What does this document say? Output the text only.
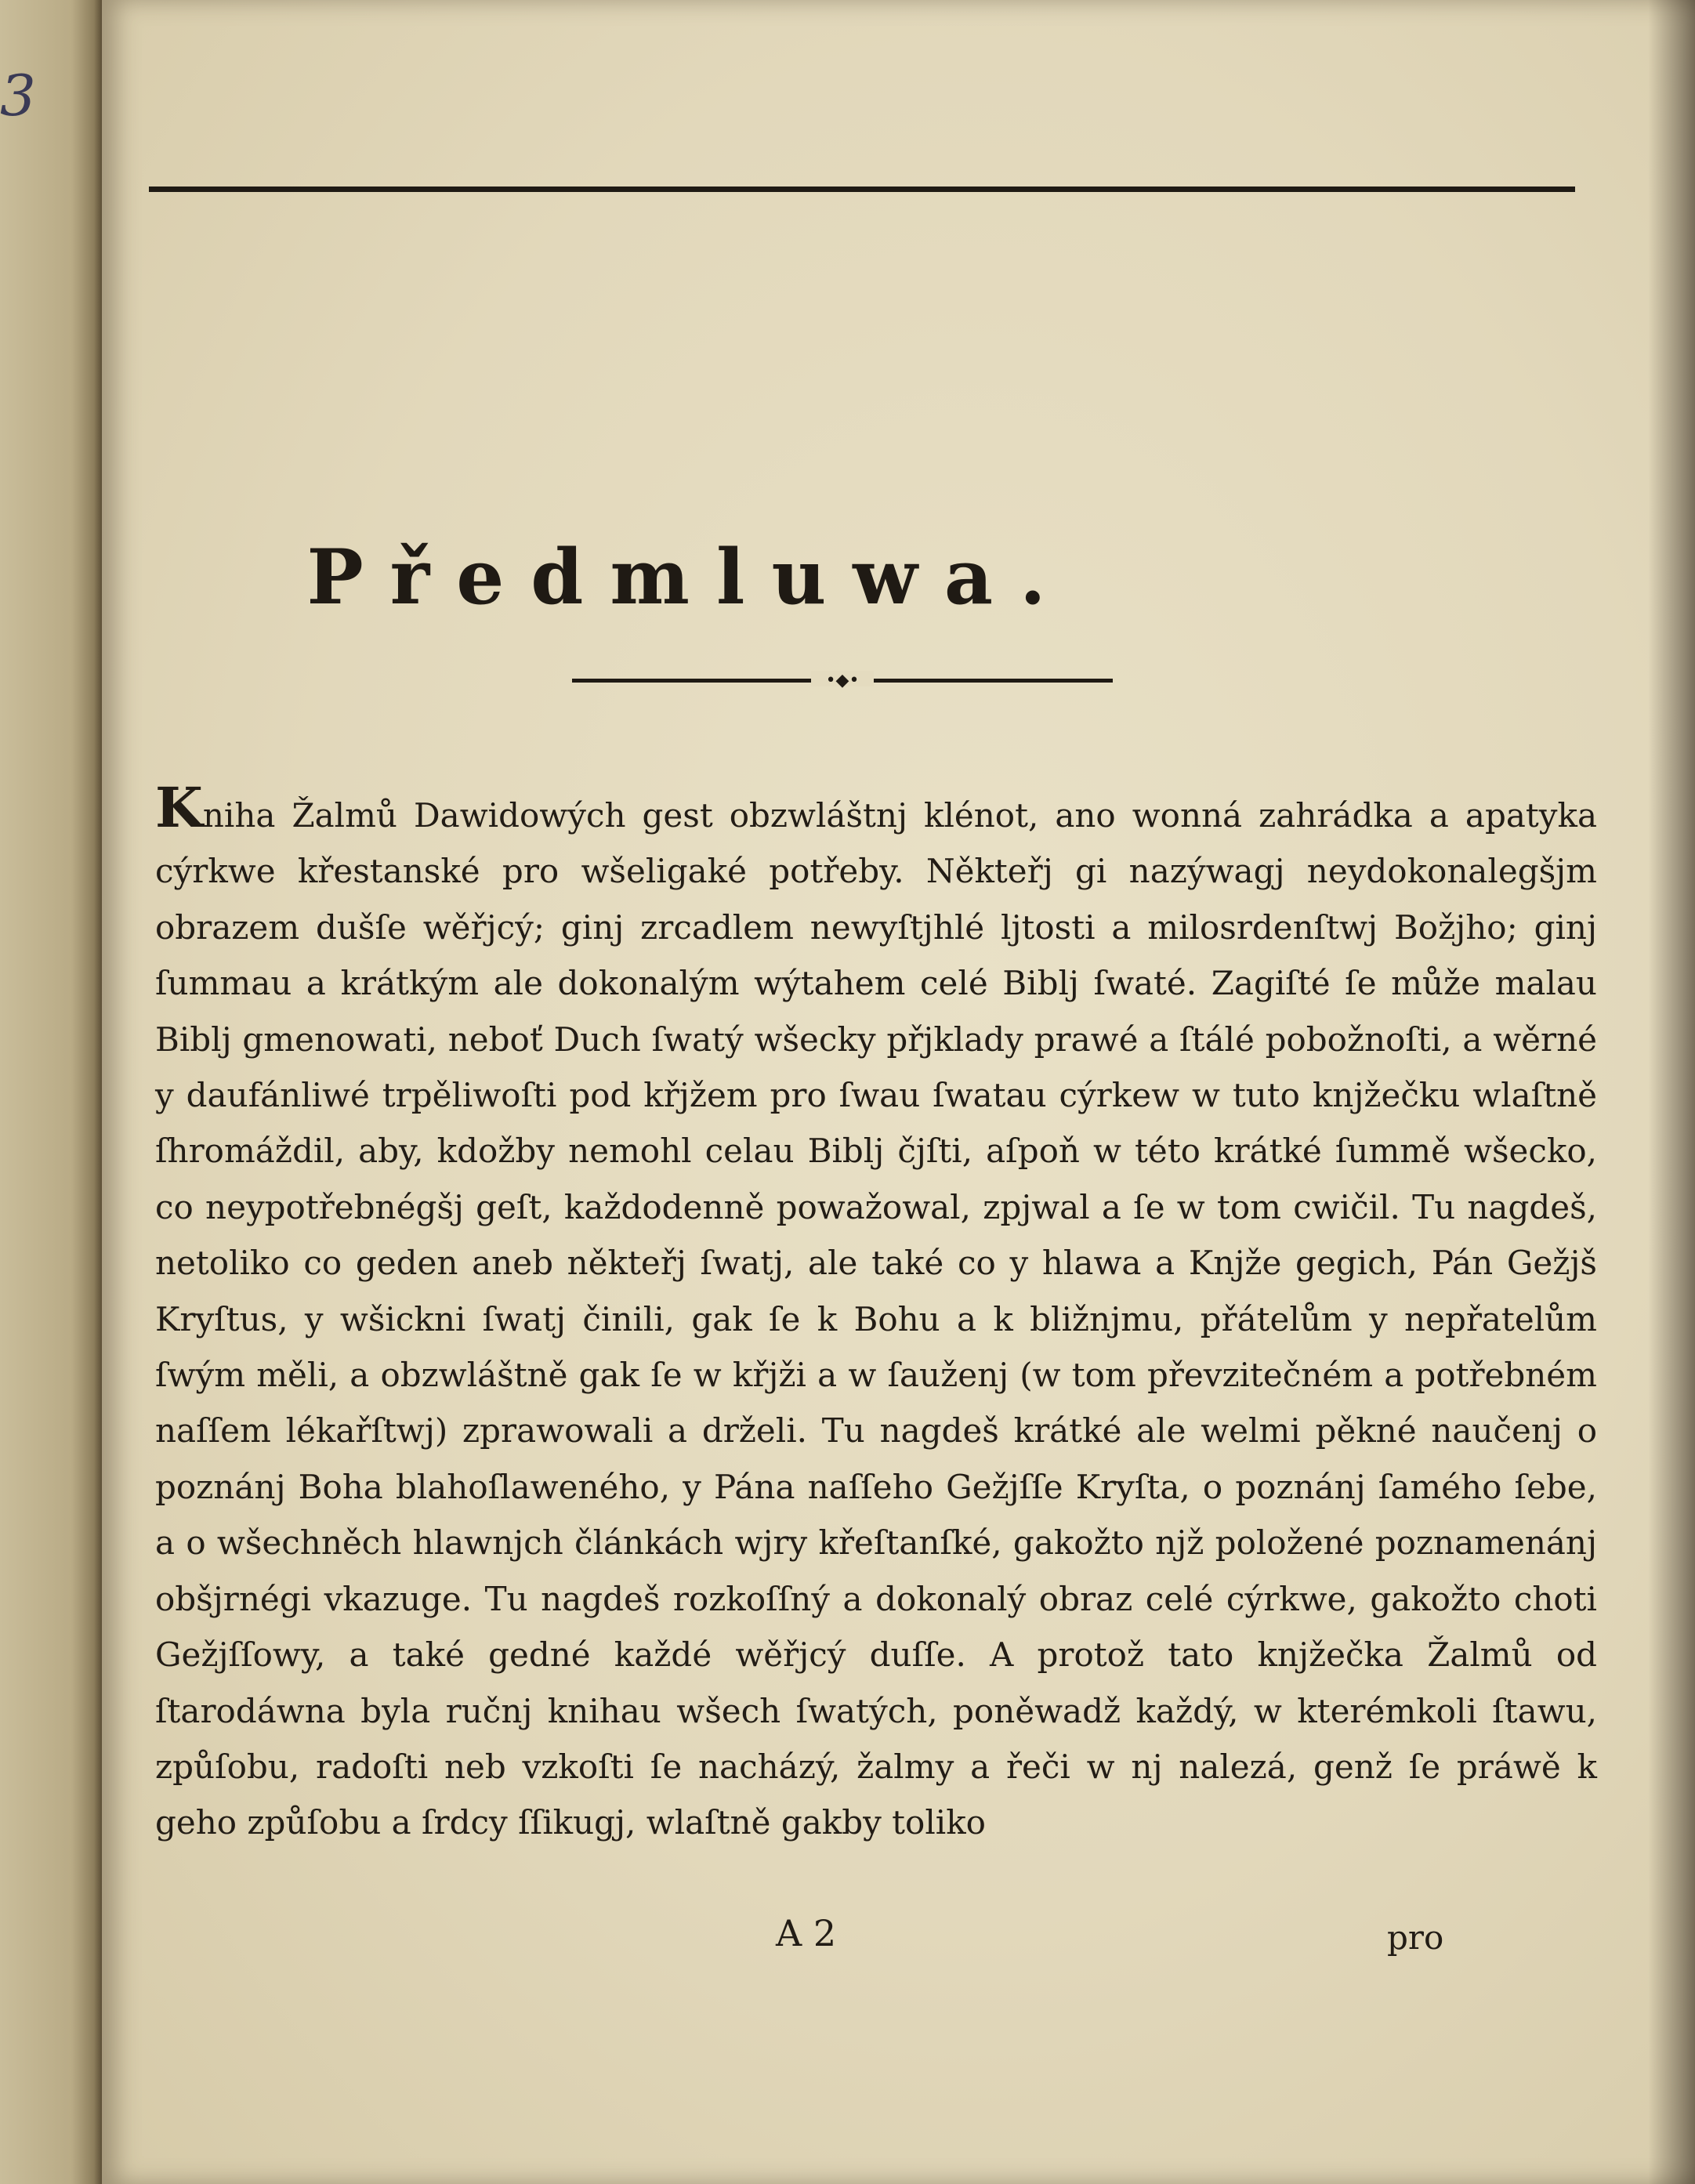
3
Předmluwa.
•◆•

Kniha Žalmů Dawidowých gest obzwláštnj klénot, ano wonná zahrádka a apatyka cýrkwe křestanské pro wšeligaké potřeby. Někteřj gi nazýwagj neydokonalegšjm obrazem dušſe wěřjcý; ginj zrcadlem newyſtjhlé ljtosti a milosrdenſtwj Božjho; ginj ſummau a krátkým ale dokonalým wýtahem celé Biblj ſwaté. Zagiſté ſe může malau Biblj gmenowati, neboť Duch ſwatý wšecky přjklady prawé a ſtálé pobožnoſti, a wěrné y daufánliwé trpěliwoſti pod křjžem pro ſwau ſwatau cýrkew w tuto knjžečku wlaſtně ſhromáždil, aby, kdožby nemohl celau Biblj čjſti, aſpoň w této krátké ſummě wšecko, co neypotřebnégšj geſt, každodenně powažowal, zpjwal a ſe w tom cwičil. Tu nagdeš, netoliko co geden aneb někteřj ſwatj, ale také co y hlawa a Knjže gegich, Pán Gežjš Kryſtus, y wšickni ſwatj činili, gak ſe k Bohu a k bližnjmu, přátelům y nepřatelům ſwým měli, a obzwláštně gak ſe w křjži a w ſauženj (w tom převzitečném a potřebném naſſem lékařſtwj) zprawowali a drželi. Tu nagdeš krátké ale welmi pěkné naučenj o poznánj Boha blahoſlaweného, y Pána naſſeho Gežjſſe Kryſta, o poznánj ſamého ſebe, a o wšechněch hlawnjch článkách wjry křeſtanſké, gakožto njž položené poznamenánj obšjrnégi vkazuge. Tu nagdeš rozkoſſný a dokonalý obraz celé cýrkwe, gakožto choti Gežjſſowy, a také gedné každé wěřjcý duſſe. A protož tato knjžečka Žalmů od ſtarodáwna byla ručnj knihau wšech ſwatých, poněwadž každý, w kterémkoli ſtawu, způſobu, radoſti neb vzkoſti ſe nacházý, žalmy a řeči w nj nalezá, genž ſe práwě k geho způſobu a ſrdcy ſſikugj, wlaſtně gakby toliko

A 2	pro
